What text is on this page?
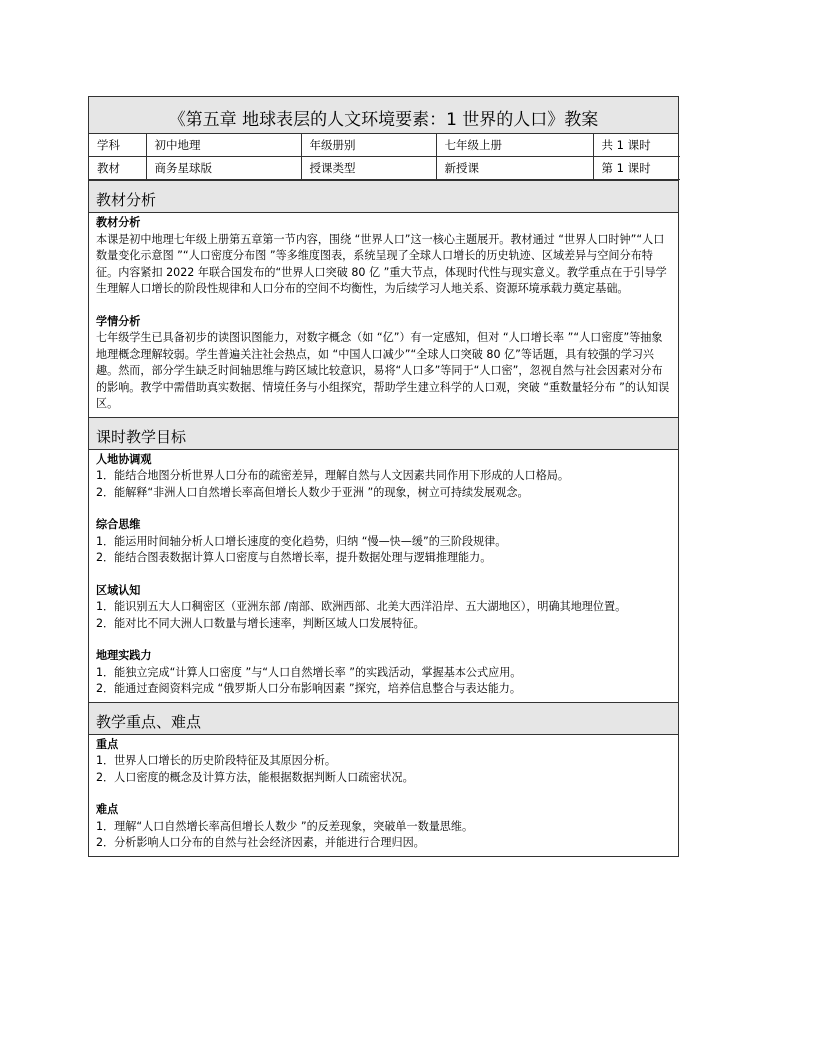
《第五章 地球表层的人文环境要素：1 世界的人口》教案
学科	初中地理	年级册别	七年级上册	共 1 课时
教材	商务星球版	授课类型	新授课	第 1 课时
教材分析

教材分析

本课是初中地理七年级上册第五章第一节内容，围绕 “世界人口”这一核心主题展开。教材通过 “世界人口时钟”“人口数量变化示意图 ”“人口密度分布图 ”等多维度图表，系统呈现了全球人口增长的历史轨迹、区域差异与空间分布特征。内容紧扣 2022 年联合国发布的“世界人口突破 80 亿 ”重大节点，体现时代性与现实意义。教学重点在于引导学生理解人口增长的阶段性规律和人口分布的空间不均衡性，为后续学习人地关系、资源环境承载力奠定基础。

学情分析

七年级学生已具备初步的读图识图能力，对数字概念（如 “亿”）有一定感知，但对 “人口增长率 ”“人口密度”等抽象地理概念理解较弱。学生普遍关注社会热点，如 “中国人口减少”“全球人口突破 80 亿”等话题，具有较强的学习兴趣。然而，部分学生缺乏时间轴思维与跨区域比较意识，易将“人口多”等同于“人口密”，忽视自然与社会因素对分布的影响。教学中需借助真实数据、情境任务与小组探究，帮助学生建立科学的人口观，突破 “重数量轻分布 ”的认知误区。

课时教学目标

人地协调观

1．能结合地图分析世界人口分布的疏密差异，理解自然与人文因素共同作用下形成的人口格局。

2．能解释“非洲人口自然增长率高但增长人数少于亚洲 ”的现象，树立可持续发展观念。

综合思维

1．能运用时间轴分析人口增长速度的变化趋势，归纳 “慢—快—缓”的三阶段规律。

2．能结合图表数据计算人口密度与自然增长率，提升数据处理与逻辑推理能力。

区域认知

1．能识别五大人口稠密区（亚洲东部 /南部、欧洲西部、北美大西洋沿岸、五大湖地区），明确其地理位置。

2．能对比不同大洲人口数量与增长速率，判断区域人口发展特征。

地理实践力

1．能独立完成“计算人口密度 ”与“人口自然增长率 ”的实践活动，掌握基本公式应用。

2．能通过查阅资料完成 “俄罗斯人口分布影响因素 ”探究，培养信息整合与表达能力。

教学重点、难点

重点

1．世界人口增长的历史阶段特征及其原因分析。

2．人口密度的概念及计算方法，能根据数据判断人口疏密状况。

难点

1．理解“人口自然增长率高但增长人数少 ”的反差现象，突破单一数量思维。

2．分析影响人口分布的自然与社会经济因素，并能进行合理归因。
